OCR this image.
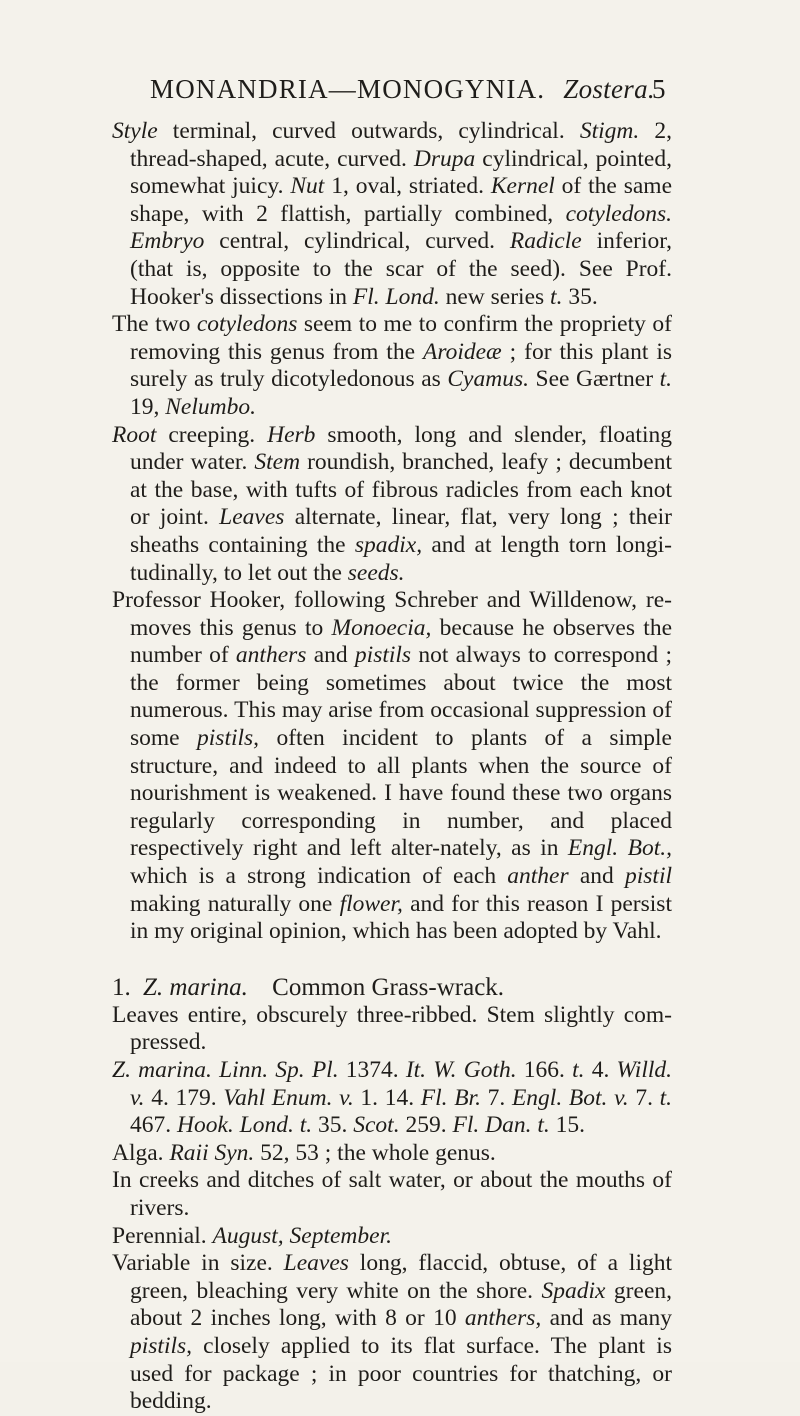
MONANDRIA—MONOGYNIA. Zostera.
5

Style terminal, curved outwards, cylindrical. Stigm. 2, thread-shaped, acute, curved. Drupa cylindrical, pointed, somewhat juicy. Nut 1, oval, striated. Kernel of the same shape, with 2 flattish, partially combined, cotyledons. Embryo central, cylindrical, curved. Radicle inferior, (that is, opposite to the scar of the seed). See Prof. Hooker's dissections in Fl. Lond. new series t. 35.

The two cotyledons seem to me to confirm the propriety of removing this genus from the Aroideæ ; for this plant is surely as truly dicotyledonous as Cyamus. See Gærtner t. 19, Nelumbo.

Root creeping. Herb smooth, long and slender, floating under water. Stem roundish, branched, leafy ; decumbent at the base, with tufts of fibrous radicles from each knot or joint. Leaves alternate, linear, flat, very long ; their sheaths containing the spadix, and at length torn longi-tudinally, to let out the seeds.

Professor Hooker, following Schreber and Willdenow, re-moves this genus to Monoecia, because he observes the number of anthers and pistils not always to correspond ; the former being sometimes about twice the most numerous. This may arise from occasional suppression of some pistils, often incident to plants of a simple structure, and indeed to all plants when the source of nourishment is weakened. I have found these two organs regularly corresponding in number, and placed respectively right and left alter-nately, as in Engl. Bot., which is a strong indication of each anther and pistil making naturally one flower, and for this reason I persist in my original opinion, which has been adopted by Vahl.

1. Z. marina. Common Grass-wrack.

Leaves entire, obscurely three-ribbed. Stem slightly com-pressed.

Z. marina. Linn. Sp. Pl. 1374. It. W. Goth. 166. t. 4. Willd. v. 4. 179. Vahl Enum. v. 1. 14. Fl. Br. 7. Engl. Bot. v. 7. t. 467. Hook. Lond. t. 35. Scot. 259. Fl. Dan. t. 15.

Alga. Raii Syn. 52, 53 ; the whole genus.

In creeks and ditches of salt water, or about the mouths of rivers.

Perennial. August, September.

Variable in size. Leaves long, flaccid, obtuse, of a light green, bleaching very white on the shore. Spadix green, about 2 inches long, with 8 or 10 anthers, and as many pistils, closely applied to its flat surface. The plant is used for package ; in poor countries for thatching, or bedding.
